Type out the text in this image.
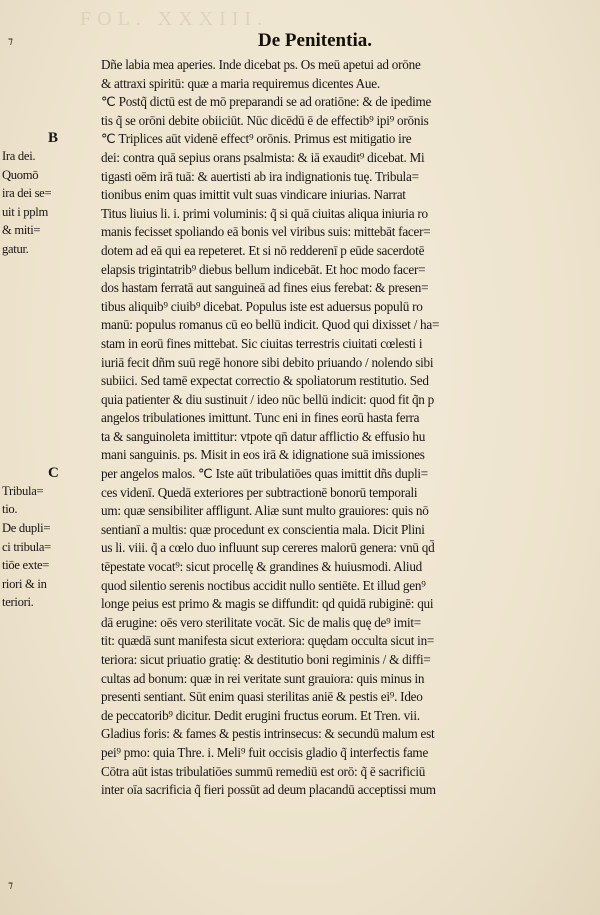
FOL. XXXIII.
⁊	De Penitentia.
Dñe labia mea aperies. Inde dicebat ps. Os meū apetui ad orōne
& attraxi spiritū: quæ a maria requiremus dicentes Aue.
℃ Postq̃ dictū est de mō preparandi se ad oratiōne: & de ipedime
tis q̃ se orōni debite obiiciūt. Nūc dicēdū ē de effectib⁹ ipi⁹ orōnis
℃ Triplices aūt videnē effect⁹ orōnis. Primus est mitigatio ire
dei: contra quā sepius orans psalmista: & iā exaudit⁹ dicebat. Mi
tigasti oēm irā tuā: & auertisti ab ira indignationis tuę. Tribula=
tionibus enim quas imittit vult suas vindicare iniurias. Narrat
Titus liuius li. i. primi voluminis: q̃ si quā ciuitas aliqua iniuria ro
manis fecisset spoliando eā bonis vel viribus suis: mittebāt facer=
dotem ad eā qui ea repeteret. Et si nō redderenī p eūde sacerdotē
elapsis trigintatrib⁹ diebus bellum indicebāt. Et hoc modo facer=
dos hastam ferratā aut sanguineā ad fines eius ferebat: & presen=
tibus aliquib⁹ ciuib⁹ dicebat. Populus iste est aduersus populū ro
manū: populus romanus cū eo bellū indicit. Quod qui dixisset / ha=
stam in eorū fines mittebat. Sic ciuitas terrestris ciuitati cœlesti i
iuriā fecit dñm suū regē honore sibi debito priuando / nolendo sibi
subiici. Sed tamē expectat correctio & spoliatorum restitutio. Sed
quia patienter & diu sustinuit / ideo nūc bellū indicit: quod fit q̃n p
angelos tribulationes imittunt. Tunc eni in fines eorū hasta ferra
ta & sanguinoleta imittitur: vtpote qn̄ datur afflictio & effusio hu
mani sanguinis. ps. Misit in eos irā & idignatione suā imissiones
per angelos malos. ℃ Iste aūt tribulatiōes quas imittit dñs dupli=
ces videnī. Quedā exteriores per subtractionē bonorū temporali
um: quæ sensibiliter affligunt. Aliæ sunt multo grauiores: quis nō
sentianī a multis: quæ procedunt ex conscientia mala. Dicit Plini
us li. viii. q̃ a cœlo duo influunt sup cereres malorū genera: vnū qd̄
tēpestate vocat⁹: sicut procellę & grandines & huiusmodi. Aliud
quod silentio serenis noctibus accidit nullo sentiēte. Et illud gen⁹
longe peius est primo & magis se diffundit: qd quidā rubiginē: qui
dā erugine: oēs vero sterilitate vocāt. Sic de malis quę de⁹ imit=
tit: quædā sunt manifesta sicut exteriora: quędam occulta sicut in=
teriora: sicut priuatio gratię: & destitutio boni regiminis / & diffi=
cultas ad bonum: quæ in rei veritate sunt grauiora: quis minus in
presenti sentiant. Sūt enim quasi sterilitas aniē & pestis ei⁹. Ideo
de peccatorib⁹ dicitur. Dedit erugini fructus eorum. Et Tren. vii.
Gladius foris: & fames & pestis intrinsecus: & secundū malum est
pei⁹ pmo: quia Thre. i. Meli⁹ fuit occisis gladio q̃ interfectis fame
Cōtra aūt istas tribulatiōes summū remediū est orō: q̃ ē sacrificiū
inter oīa sacrificia q̃ fieri possūt ad deum placandū acceptissi mum
B
Ira dei.
Quomō
ira dei se=
uit i pplm
& miti=
gatur.
C
Tribula=
tio.
De dupli=
ci tribula=
tiōe exte=
riori & in
teriori.
⁊
